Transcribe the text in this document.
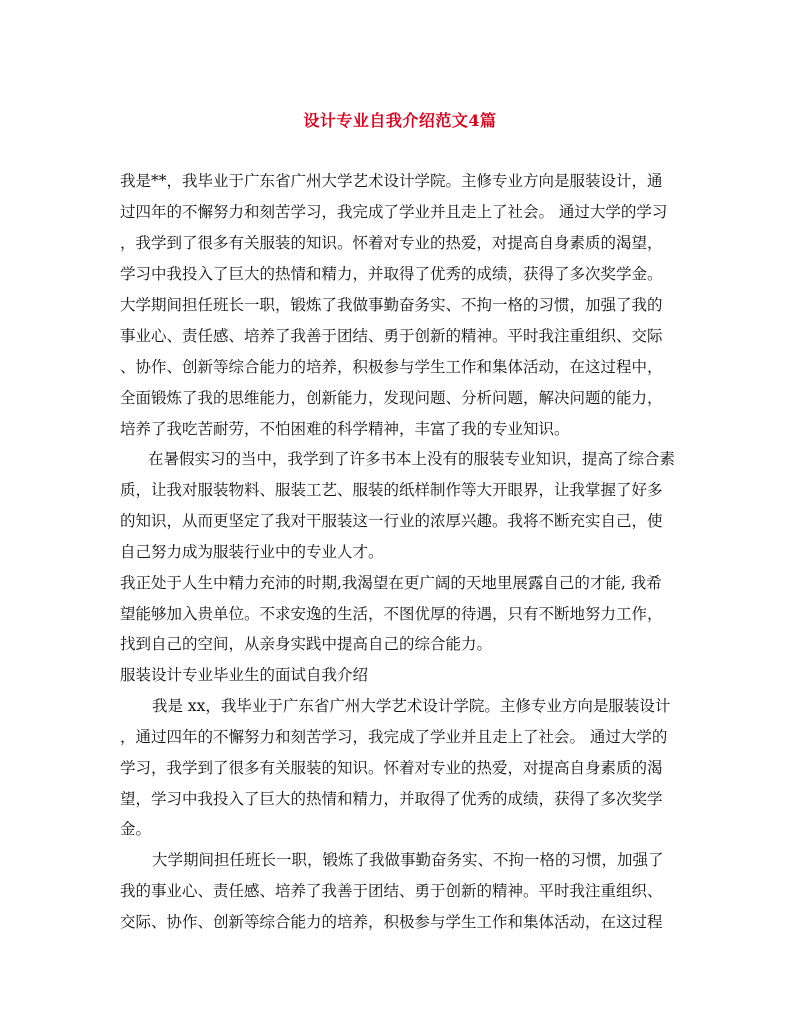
设计专业自我介绍范文4篇
我是**，我毕业于广东省广州大学艺术设计学院。主修专业方向是服装设计，通
过四年的不懈努力和刻苦学习，我完成了学业并且走上了社会。 通过大学的学习
，我学到了很多有关服装的知识。怀着对专业的热爱，对提高自身素质的渴望，
学习中我投入了巨大的热情和精力，并取得了优秀的成绩，获得了多次奖学金。
大学期间担任班长一职，锻炼了我做事勤奋务实、不拘一格的习惯，加强了我的
事业心、责任感、培养了我善于团结、勇于创新的精神。平时我注重组织、交际
、协作、创新等综合能力的培养，积极参与学生工作和集体活动，在这过程中，
全面锻炼了我的思维能力，创新能力，发现问题、分析问题，解决问题的能力，
培养了我吃苦耐劳，不怕困难的科学精神，丰富了我的专业知识。
在暑假实习的当中，我学到了许多书本上没有的服装专业知识，提高了综合素
质，让我对服装物料、服装工艺、服装的纸样制作等大开眼界，让我掌握了好多
的知识，从而更坚定了我对干服装这一行业的浓厚兴趣。我将不断充实自己，使
自己努力成为服装行业中的专业人才。
我正处于人生中精力充沛的时期,我渴望在更广阔的天地里展露自己的才能, 我希
望能够加入贵单位。不求安逸的生活，不图优厚的待遇，只有不断地努力工作，
找到自己的空间，从亲身实践中提高自己的综合能力。
服装设计专业毕业生的面试自我介绍
我是 xx，我毕业于广东省广州大学艺术设计学院。主修专业方向是服装设计
，通过四年的不懈努力和刻苦学习，我完成了学业并且走上了社会。 通过大学的
学习，我学到了很多有关服装的知识。怀着对专业的热爱，对提高自身素质的渴
望，学习中我投入了巨大的热情和精力，并取得了优秀的成绩，获得了多次奖学
金。
大学期间担任班长一职，锻炼了我做事勤奋务实、不拘一格的习惯，加强了
我的事业心、责任感、培养了我善于团结、勇于创新的精神。平时我注重组织、
交际、协作、创新等综合能力的培养，积极参与学生工作和集体活动，在这过程
